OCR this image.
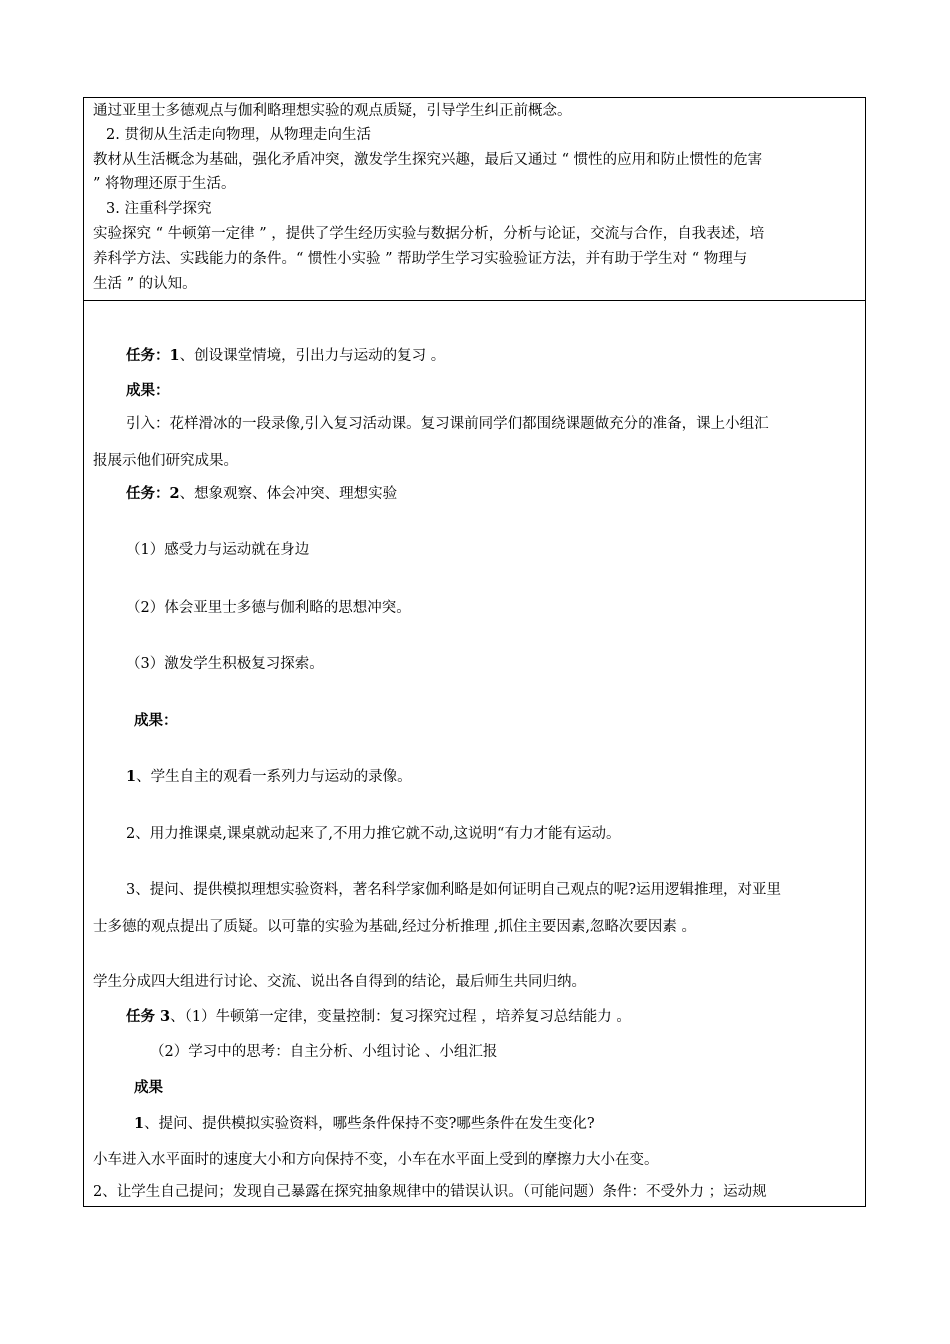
通过亚里士多德观点与伽利略理想实验的观点质疑，引导学生纠正前概念。
2. 贯彻从生活走向物理，从物理走向生活
教材从生活概念为基础，强化矛盾冲突，激发学生探究兴趣，最后又通过 “ 惯性的应用和防止惯性的危害
” 将物理还原于生活。
3. 注重科学探究
实验探究 “ 牛顿第一定律 ” ，提供了学生经历实验与数据分析，分析与论证，交流与合作，自我表述，培
养科学方法、实践能力的条件。“ 惯性小实验 ” 帮助学生学习实验验证方法，并有助于学生对 “ 物理与
生活 ” 的认知。
任务：1、创设课堂情境，引出力与运动的复习 。
成果：
引入：花样滑冰的一段录像,引入复习活动课。复习课前同学们都围绕课题做充分的准备，课上小组汇
报展示他们研究成果。
任务：2、想象观察、体会冲突、理想实验
（1）感受力与运动就在身边
（2）体会亚里士多德与伽利略的思想冲突。
（3）激发学生积极复习探索。
成果：
1、学生自主的观看一系列力与运动的录像。
2、用力推课桌,课桌就动起来了,不用力推它就不动,这说明“有力才能有运动。
3、提问、提供模拟理想实验资料，著名科学家伽利略是如何证明自己观点的呢?运用逻辑推理，对亚里
士多德的观点提出了质疑。以可靠的实验为基础,经过分析推理 ,抓住主要因素,忽略次要因素 。
学生分成四大组进行讨论、交流、说出各自得到的结论，最后师生共同归纳。
任务 3、（1）牛顿第一定律，变量控制：复习探究过程 ，培养复习总结能力 。
（2）学习中的思考：自主分析、小组讨论 、小组汇报
成果
1、提问、提供模拟实验资料，哪些条件保持不变?哪些条件在发生变化?
小车进入水平面时的速度大小和方向保持不变，小车在水平面上受到的摩擦力大小在变。
2、让学生自己提问；发现自己暴露在探究抽象规律中的错误认识。（可能问题）条件：不受外力 ；运动规
